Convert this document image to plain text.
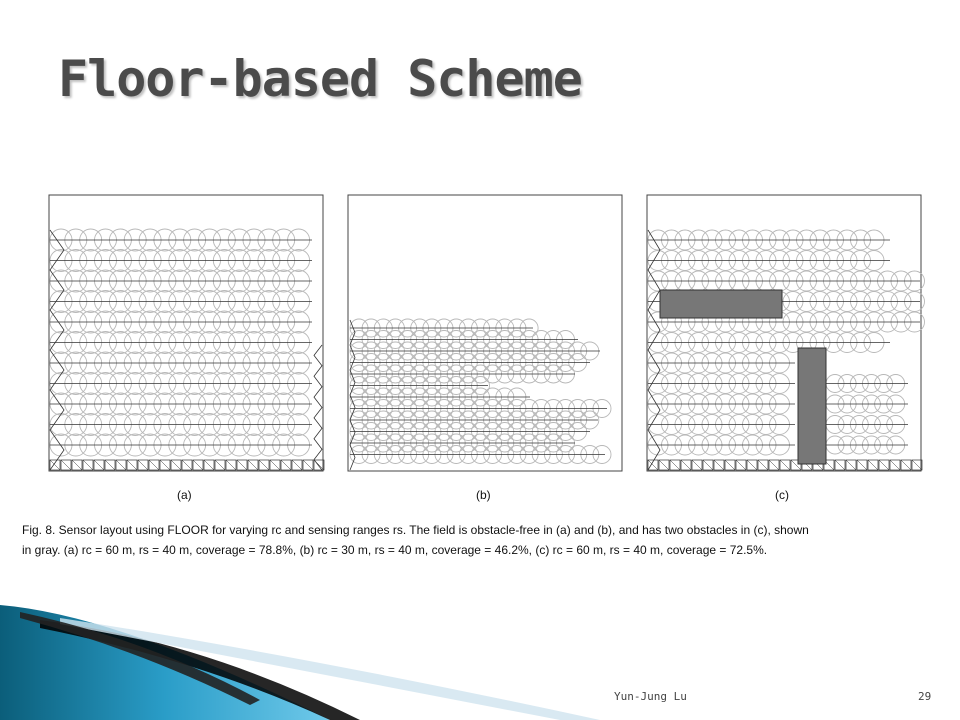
Floor-based Scheme
(a)	(b)	(c)
Fig. 8. Sensor layout using FLOOR for varying rc and sensing ranges rs. The field is obstacle-free in (a) and (b), and has two obstacles in (c), shown
in gray. (a) rc = 60 m, rs = 40 m, coverage = 78.8%, (b) rc = 30 m, rs = 40 m, coverage = 46.2%, (c) rc = 60 m, rs = 40 m, coverage = 72.5%.
Yun-Jung Lu	29
